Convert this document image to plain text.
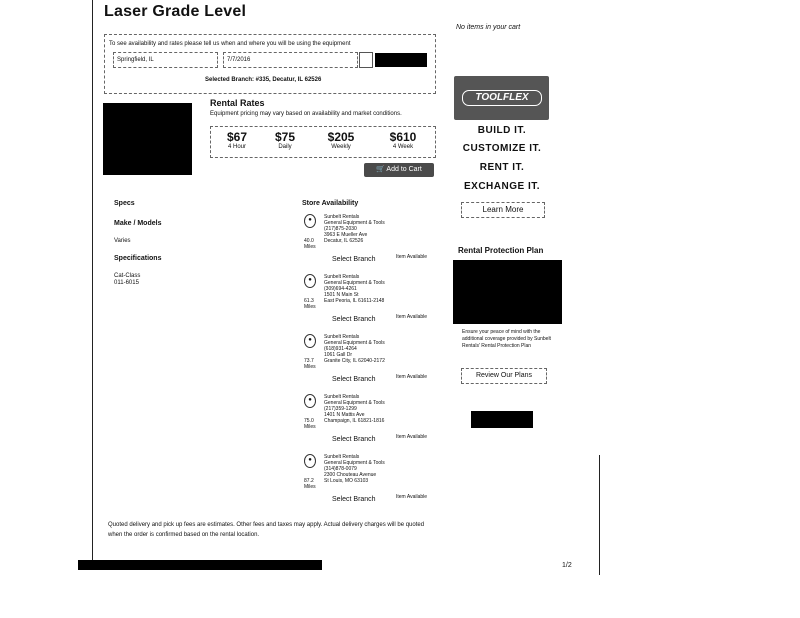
Laser Grade Level
No items in your cart
To see availability and rates please tell us when and where you will be using the equipment
Springfield, IL	7/7/2016
Selected Branch: #335, Decatur, IL 62526
Rental Rates
Equipment pricing may vary based on availability and market conditions.
$67
4 Hour
$75
Daily
$205
Weekly
$610
4 Week
🛒 Add to Cart
Specs
Make / Models
Varies
Specifications
Cat-Class
011-6015
Store Availability
●
40.0 Miles
Sunbelt Rentals
General Equipment & Tools
(217)875-2030
3963 E Mueller Ave
Decatur, IL 62526
Select Branch	Item Available
●
61.3 Miles
Sunbelt Rentals
General Equipment & Tools
(309)694-4261
1501 N Main St
East Peoria, IL 61611-2148
Select Branch	Item Available
●
73.7 Miles
Sunbelt Rentals
General Equipment & Tools
(618)931-4264
1061 Gall Dr
Granite City, IL 62040-2172
Select Branch	Item Available
●
75.0 Miles
Sunbelt Rentals
General Equipment & Tools
(217)359-1299
1401 N Mattis Ave
Champaign, IL 61821-1816
Select Branch	Item Available
●
87.2 Miles
Sunbelt Rentals
General Equipment & Tools
(314)878-0079
2300 Chouteau Avenue
St Louis, MO 63103
Select Branch	Item Available
Quoted delivery and pick up fees are estimates. Other fees and taxes may apply. Actual delivery charges will be quoted when the order is confirmed based on the rental location.
TOOLFLEX
BUILD IT.
CUSTOMIZE IT.
RENT IT.
EXCHANGE IT.
Learn More
Rental Protection Plan
Ensure your peace of mind with the additional coverage provided by Sunbelt Rentals' Rental Protection Plan
Review Our Plans
1/2
